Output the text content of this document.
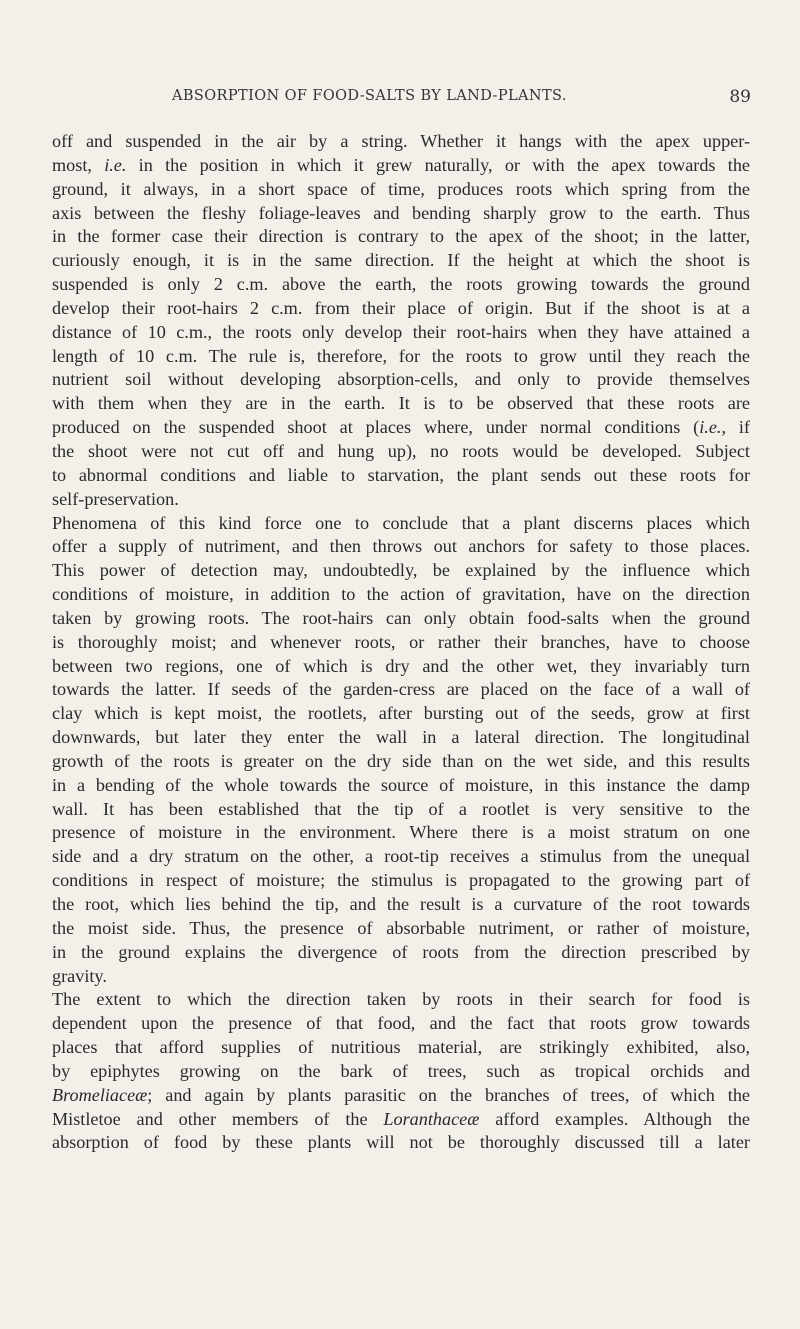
ABSORPTION OF FOOD-SALTS BY LAND-PLANTS.	89

off and suspended in the air by a string. Whether it hangs with the apex upper-
most, i.e. in the position in which it grew naturally, or with the apex towards the
ground, it always, in a short space of time, produces roots which spring from the
axis between the fleshy foliage-leaves and bending sharply grow to the earth. Thus
in the former case their direction is contrary to the apex of the shoot; in the latter,
curiously enough, it is in the same direction. If the height at which the shoot is
suspended is only 2 c.m. above the earth, the roots growing towards the ground
develop their root-hairs 2 c.m. from their place of origin. But if the shoot is at a
distance of 10 c.m., the roots only develop their root-hairs when they have attained a
length of 10 c.m. The rule is, therefore, for the roots to grow until they reach the
nutrient soil without developing absorption-cells, and only to provide themselves
with them when they are in the earth. It is to be observed that these roots are
produced on the suspended shoot at places where, under normal conditions (i.e., if
the shoot were not cut off and hung up), no roots would be developed. Subject
to abnormal conditions and liable to starvation, the plant sends out these roots for
self-preservation.

Phenomena of this kind force one to conclude that a plant discerns places which
offer a supply of nutriment, and then throws out anchors for safety to those places.
This power of detection may, undoubtedly, be explained by the influence which
conditions of moisture, in addition to the action of gravitation, have on the direction
taken by growing roots. The root-hairs can only obtain food-salts when the ground
is thoroughly moist; and whenever roots, or rather their branches, have to choose
between two regions, one of which is dry and the other wet, they invariably turn
towards the latter. If seeds of the garden-cress are placed on the face of a wall of
clay which is kept moist, the rootlets, after bursting out of the seeds, grow at first
downwards, but later they enter the wall in a lateral direction. The longitudinal
growth of the roots is greater on the dry side than on the wet side, and this results
in a bending of the whole towards the source of moisture, in this instance the damp
wall. It has been established that the tip of a rootlet is very sensitive to the
presence of moisture in the environment. Where there is a moist stratum on one
side and a dry stratum on the other, a root-tip receives a stimulus from the unequal
conditions in respect of moisture; the stimulus is propagated to the growing part of
the root, which lies behind the tip, and the result is a curvature of the root towards
the moist side. Thus, the presence of absorbable nutriment, or rather of moisture,
in the ground explains the divergence of roots from the direction prescribed by
gravity.

The extent to which the direction taken by roots in their search for food is
dependent upon the presence of that food, and the fact that roots grow towards
places that afford supplies of nutritious material, are strikingly exhibited, also,
by epiphytes growing on the bark of trees, such as tropical orchids and
Bromeliaceæ; and again by plants parasitic on the branches of trees, of which the
Mistletoe and other members of the Loranthaceæ afford examples. Although the
absorption of food by these plants will not be thoroughly discussed till a later
